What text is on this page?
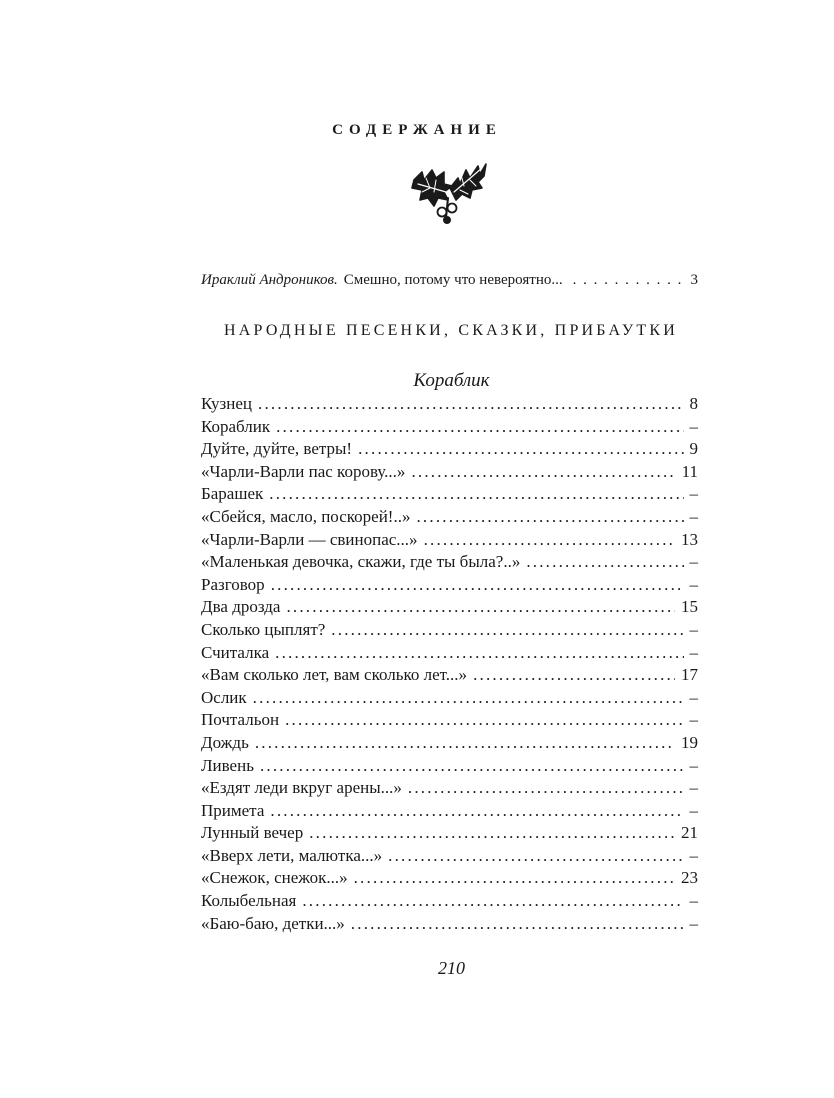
СОДЕРЖАНИЕ
Ираклий Андроников. Смешно, потому что невероятно... . . .	3
НАРОДНЫЕ ПЕСЕНКИ, СКАЗКИ, ПРИБАУТКИ
Кораблик
Кузнец .....	8
Кораблик .....	–
Дуйте, дуйте, ветры! .....	9
«Чарли-Варли пас корову...» .....	11
Барашек .....	–
«Сбейся, масло, поскорей!..» .....	–
«Чарли-Варли — свинопас...» .....	13
«Маленькая девочка, скажи, где ты была?..» .....	–
Разговор .....	–
Два дрозда .....	15
Сколько цыплят? .....	–
Считалка .....	–
«Вам сколько лет, вам сколько лет...» .....	17
Ослик .....	–
Почтальон .....	–
Дождь .....	19
Ливень .....	–
«Ездят леди вкруг арены...» .....	–
Примета .....	–
Лунный вечер .....	21
«Вверх лети, малютка...» .....	–
«Снежок, снежок...» .....	23
Колыбельная .....	–
«Баю-баю, детки...» .....	–
210
